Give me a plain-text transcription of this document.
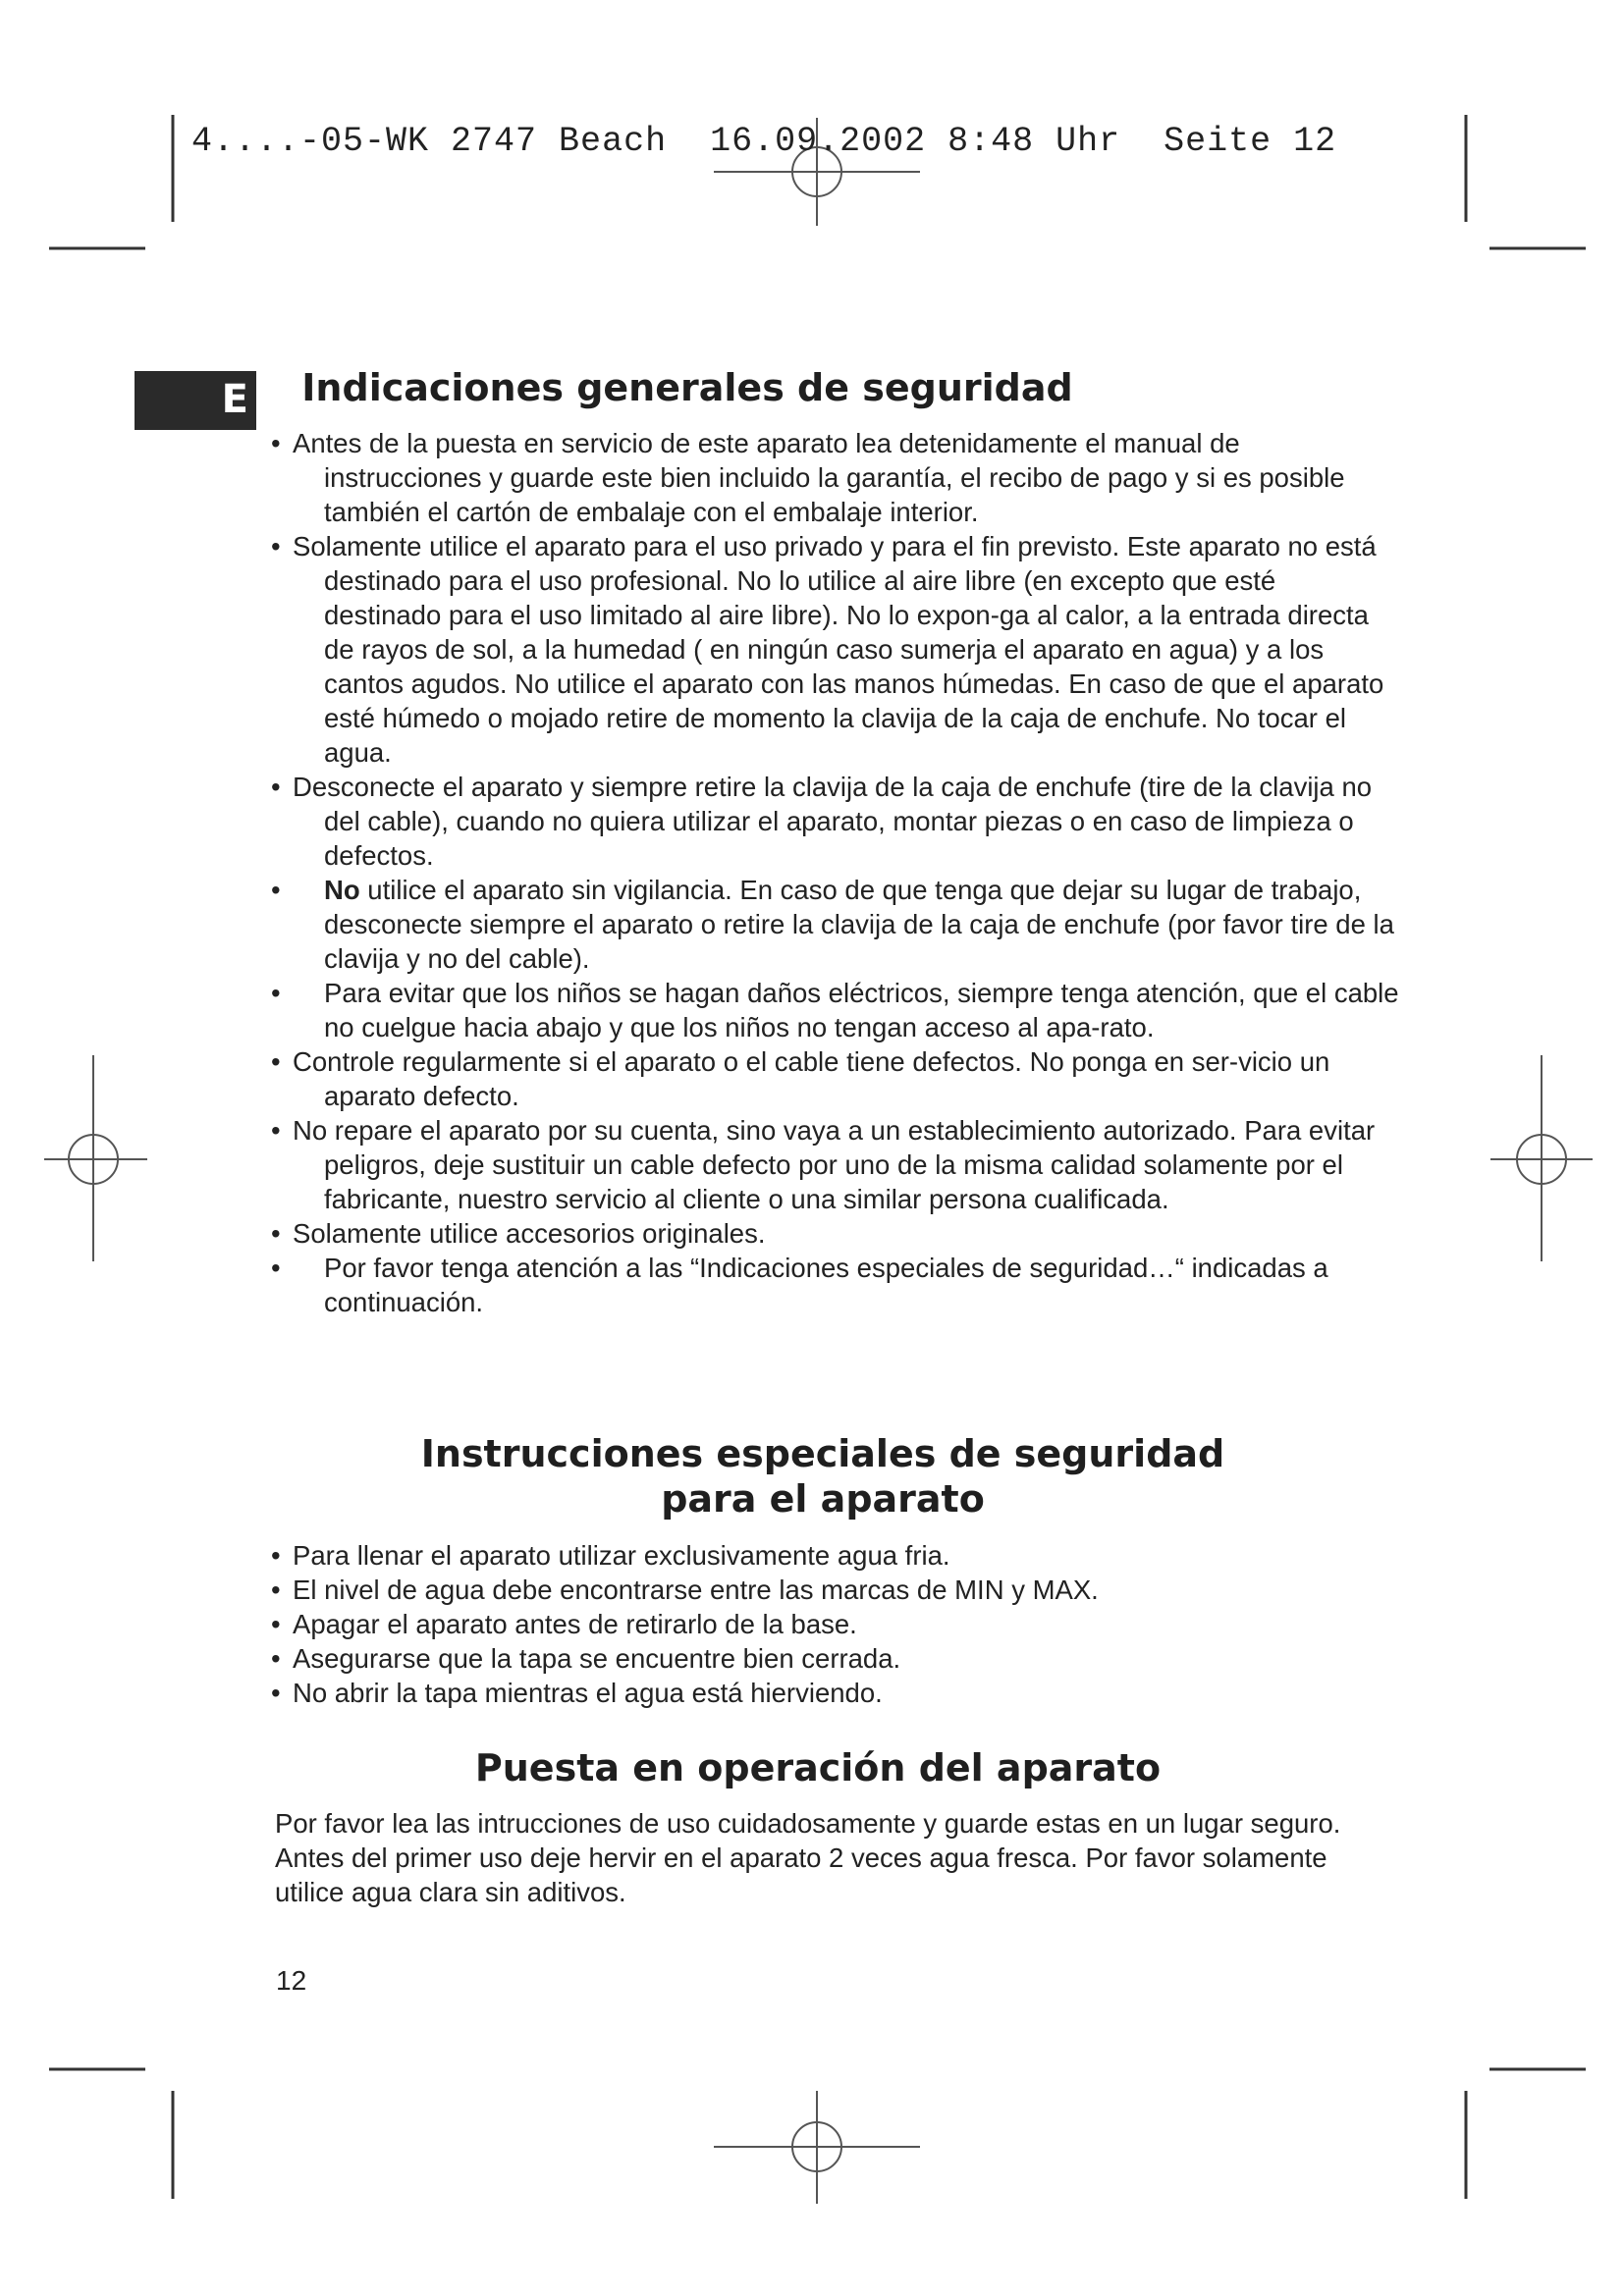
4....-05-WK 2747 Beach  16.09.2002 8:48 Uhr  Seite 12
E	Indicaciones generales de seguridad
• Antes de la puesta en servicio de este aparato lea detenidamente el manual de instrucciones y guarde este bien incluido la garantía, el recibo de pago y si es posible también el cartón de embalaje con el embalaje interior.
• Solamente utilice el aparato para el uso privado y para el fin previsto. Este aparato no está destinado para el uso profesional. No lo utilice al aire libre (en excepto que esté destinado para el uso limitado al aire libre). No lo expon-ga al calor, a la entrada directa de rayos de sol, a la humedad ( en ningún caso sumerja el aparato en agua) y a los cantos agudos. No utilice el aparato con las manos húmedas. En caso de que el aparato esté húmedo o mojado retire de momento la clavija de la caja de enchufe. No tocar el agua.
• Desconecte el aparato y siempre retire la clavija de la caja de enchufe (tire de la clavija no del cable), cuando no quiera utilizar el aparato, montar piezas o en caso de limpieza o defectos.
• No utilice el aparato sin vigilancia. En caso de que tenga que dejar su lugar de trabajo, desconecte siempre el aparato o retire la clavija de la caja de enchufe (por favor tire de la clavija y no del cable).
• Para evitar que los niños se hagan daños eléctricos, siempre tenga atención, que el cable no cuelgue hacia abajo y que los niños no tengan acceso al apa-rato.
• Controle regularmente si el aparato o el cable tiene defectos. No ponga en ser-vicio un aparato defecto.
• No repare el aparato por su cuenta, sino vaya a un establecimiento autorizado. Para evitar peligros, deje sustituir un cable defecto por uno de la misma calidad solamente por el fabricante, nuestro servicio al cliente o una similar persona cualificada.
• Solamente utilice accesorios originales.
• Por favor tenga atención a las “Indicaciones especiales de seguridad…“ indicadas a continuación.
Instrucciones especiales de seguridad
para el aparato
• Para llenar el aparato utilizar exclusivamente agua fria.
• El nivel de agua debe encontrarse entre las marcas de MIN y MAX.
• Apagar el aparato antes de retirarlo de la base.
• Asegurarse que la tapa se encuentre bien cerrada.
• No abrir la tapa mientras el agua está hierviendo.
Puesta en operación del aparato

Por favor lea las intrucciones de uso cuidadosamente y guarde estas en un lugar seguro. Antes del primer uso deje hervir en el aparato 2 veces agua fresca. Por favor solamente utilice agua clara sin aditivos.

12
